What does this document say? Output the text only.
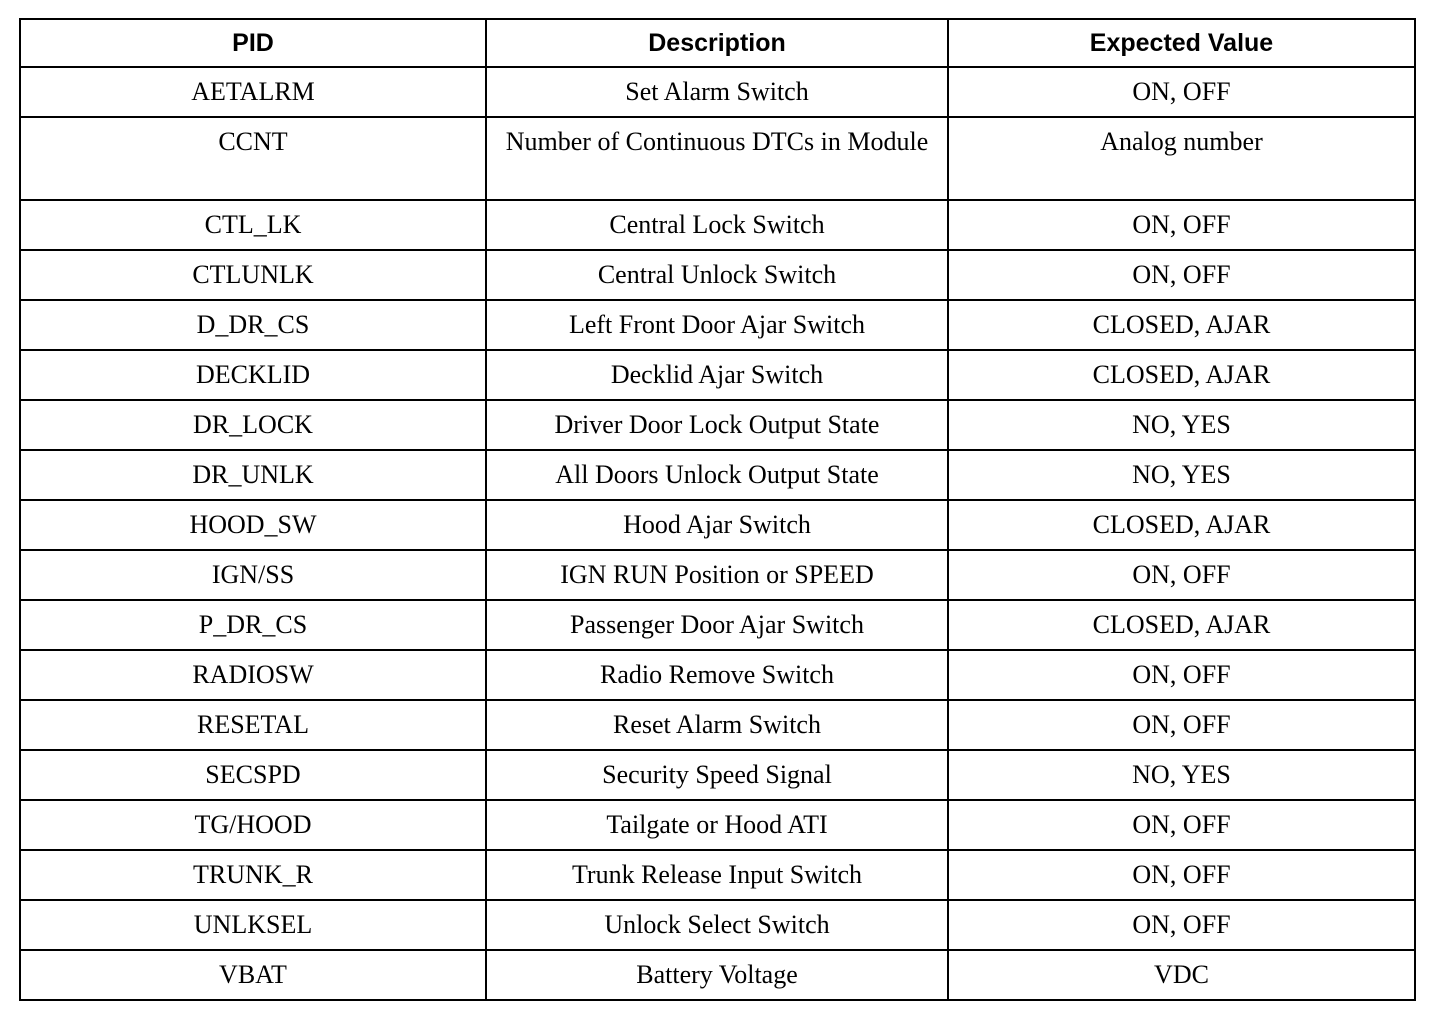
PID	Description	Expected Value
AETALRM	Set Alarm Switch	ON, OFF
CCNT	Number of Continuous DTCs in Module	Analog number
CTL_LK	Central Lock Switch	ON, OFF
CTLUNLK	Central Unlock Switch	ON, OFF
D_DR_CS	Left Front Door Ajar Switch	CLOSED, AJAR
DECKLID	Decklid Ajar Switch	CLOSED, AJAR
DR_LOCK	Driver Door Lock Output State	NO, YES
DR_UNLK	All Doors Unlock Output State	NO, YES
HOOD_SW	Hood Ajar Switch	CLOSED, AJAR
IGN/SS	IGN RUN Position or SPEED	ON, OFF
P_DR_CS	Passenger Door Ajar Switch	CLOSED, AJAR
RADIOSW	Radio Remove Switch	ON, OFF
RESETAL	Reset Alarm Switch	ON, OFF
SECSPD	Security Speed Signal	NO, YES
TG/HOOD	Tailgate or Hood ATI	ON, OFF
TRUNK_R	Trunk Release Input Switch	ON, OFF
UNLKSEL	Unlock Select Switch	ON, OFF
VBAT	Battery Voltage	VDC
